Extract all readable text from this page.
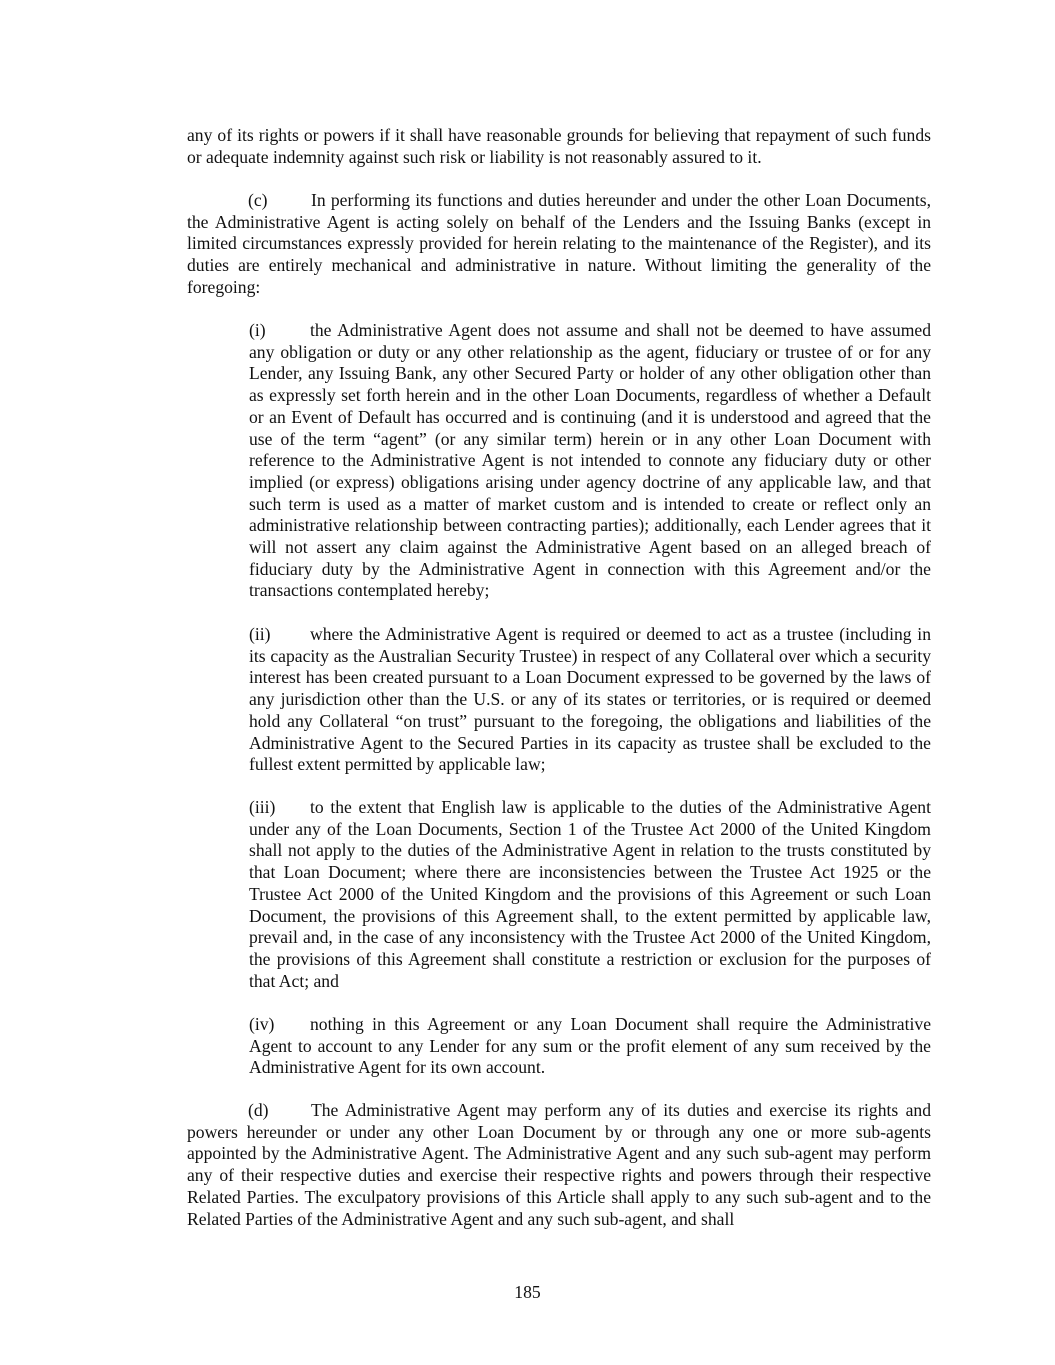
any of its rights or powers if it shall have reasonable grounds for believing that repayment of such funds or adequate indemnity against such risk or liability is not reasonably assured to it.

(c) In performing its functions and duties hereunder and under the other Loan Documents, the Administrative Agent is acting solely on behalf of the Lenders and the Issuing Banks (except in limited circumstances expressly provided for herein relating to the maintenance of the Register), and its duties are entirely mechanical and administrative in nature. Without limiting the generality of the foregoing:

(i)	the Administrative Agent does not assume and shall not be deemed to have assumed any obligation or duty or any other relationship as the agent, fiduciary or trustee of or for any Lender, any Issuing Bank, any other Secured Party or holder of any other obligation other than as expressly set forth herein and in the other Loan Documents, regardless of whether a Default or an Event of Default has occurred and is continuing (and it is understood and agreed that the use of the term “agent” (or any similar term) herein or in any other Loan Document with reference to the Administrative Agent is not intended to connote any fiduciary duty or other implied (or express) obligations arising under agency doctrine of any applicable law, and that such term is used as a matter of market custom and is intended to create or reflect only an administrative relationship between contracting parties); additionally, each Lender agrees that it will not assert any claim against the Administrative Agent based on an alleged breach of fiduciary duty by the Administrative Agent in connection with this Agreement and/or the transactions contemplated hereby;

(ii) where the Administrative Agent is required or deemed to act as a trustee (including in its capacity as the Australian Security Trustee) in respect of any Collateral over which a security interest has been created pursuant to a Loan Document expressed to be governed by the laws of any jurisdiction other than the U.S. or any of its states or territories, or is required or deemed hold any Collateral “on trust” pursuant to the foregoing, the obligations and liabilities of the Administrative Agent to the Secured Parties in its capacity as trustee shall be excluded to the fullest extent permitted by applicable law;

(iii) to the extent that English law is applicable to the duties of the Administrative Agent under any of the Loan Documents, Section 1 of the Trustee Act 2000 of the United Kingdom shall not apply to the duties of the Administrative Agent in relation to the trusts constituted by that Loan Document; where there are inconsistencies between the Trustee Act 1925 or the Trustee Act 2000 of the United Kingdom and the provisions of this Agreement or such Loan Document, the provisions of this Agreement shall, to the extent permitted by applicable law, prevail and, in the case of any inconsistency with the Trustee Act 2000 of the United Kingdom, the provisions of this Agreement shall constitute a restriction or exclusion for the purposes of that Act; and

(iv) nothing in this Agreement or any Loan Document shall require the Administrative Agent to account to any Lender for any sum or the profit element of any sum received by the Administrative Agent for its own account.

(d) The Administrative Agent may perform any of its duties and exercise its rights and powers hereunder or under any other Loan Document by or through any one or more sub-agents appointed by the Administrative Agent. The Administrative Agent and any such sub-agent may perform any of their respective duties and exercise their respective rights and powers through their respective Related Parties. The exculpatory provisions of this Article shall apply to any such sub-agent and to the Related Parties of the Administrative Agent and any such sub-agent, and shall

185
